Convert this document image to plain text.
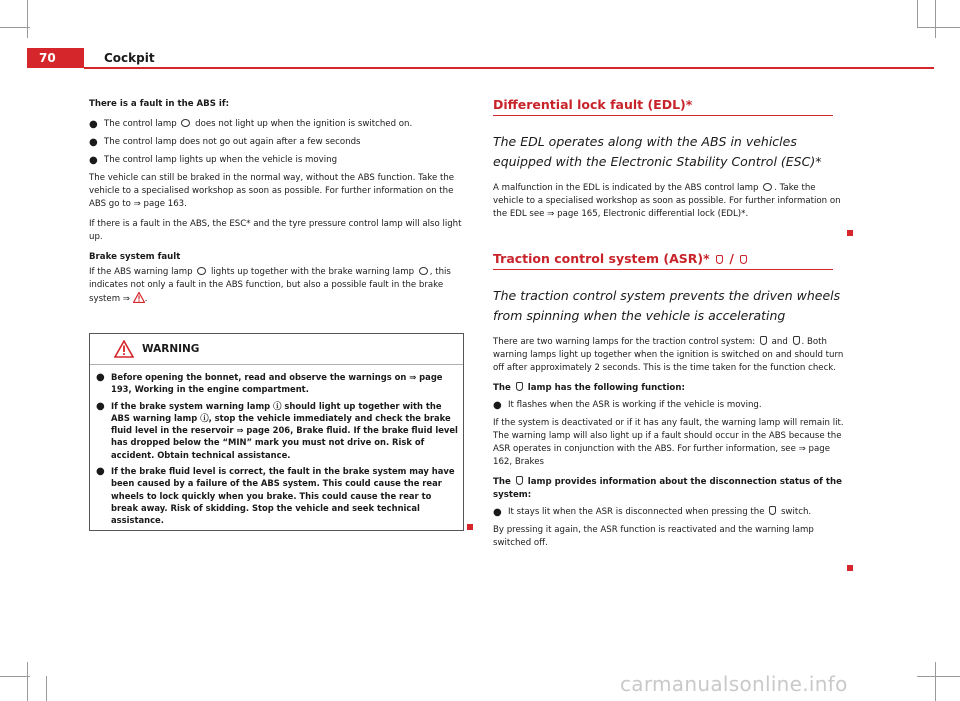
70	Cockpit

There is a fault in the ABS if:

● The control lamp  does not light up when the ignition is switched on.
● The control lamp does not go out again after a few seconds
● The control lamp lights up when the vehicle is moving

The vehicle can still be braked in the normal way, without the ABS function. Take the vehicle to a specialised workshop as soon as possible. For further information on the ABS go to ⇒ page 163.

If there is a fault in the ABS, the ESC* and the tyre pressure control lamp will also light up.

Brake system fault

If the ABS warning lamp  lights up together with the brake warning lamp , this indicates not only a fault in the ABS function, but also a possible fault in the brake system ⇒ .

WARNING
● Before opening the bonnet, read and observe the warnings on ⇒ page 193, Working in the engine compartment.
● If the brake system warning lamp ⓘ should light up together with the ABS warning lamp ⓘ, stop the vehicle immediately and check the brake fluid level in the reservoir ⇒ page 206, Brake fluid. If the brake fluid level has dropped below the “MIN” mark you must not drive on. Risk of accident. Obtain technical assistance.
● If the brake fluid level is correct, the fault in the brake system may have been caused by a failure of the ABS system. This could cause the rear wheels to lock quickly when you brake. This could cause the rear to break away. Risk of skidding. Stop the vehicle and seek technical assistance.
Differential lock fault (EDL)*
The EDL operates along with the ABS in vehicles equipped with the Electronic Stability Control (ESC)*

A malfunction in the EDL is indicated by the ABS control lamp . Take the vehicle to a specialised workshop as soon as possible. For further information on the EDL see ⇒ page 165, Electronic differential lock (EDL)*.

Traction control system (ASR)*  /
The traction control system prevents the driven wheels from spinning when the vehicle is accelerating

There are two warning lamps for the traction control system:  and . Both warning lamps light up together when the ignition is switched on and should turn off after approximately 2 seconds. This is the time taken for the function check.

The  lamp has the following function:

● It flashes when the ASR is working if the vehicle is moving.

If the system is deactivated or if it has any fault, the warning lamp will remain lit. The warning lamp will also light up if a fault should occur in the ABS because the ASR operates in conjunction with the ABS. For further information, see ⇒ page 162, Brakes

The  lamp provides information about the disconnection status of the system:

● It stays lit when the ASR is disconnected when pressing the  switch.

By pressing it again, the ASR function is reactivated and the warning lamp switched off.

carmanualsonline.info
